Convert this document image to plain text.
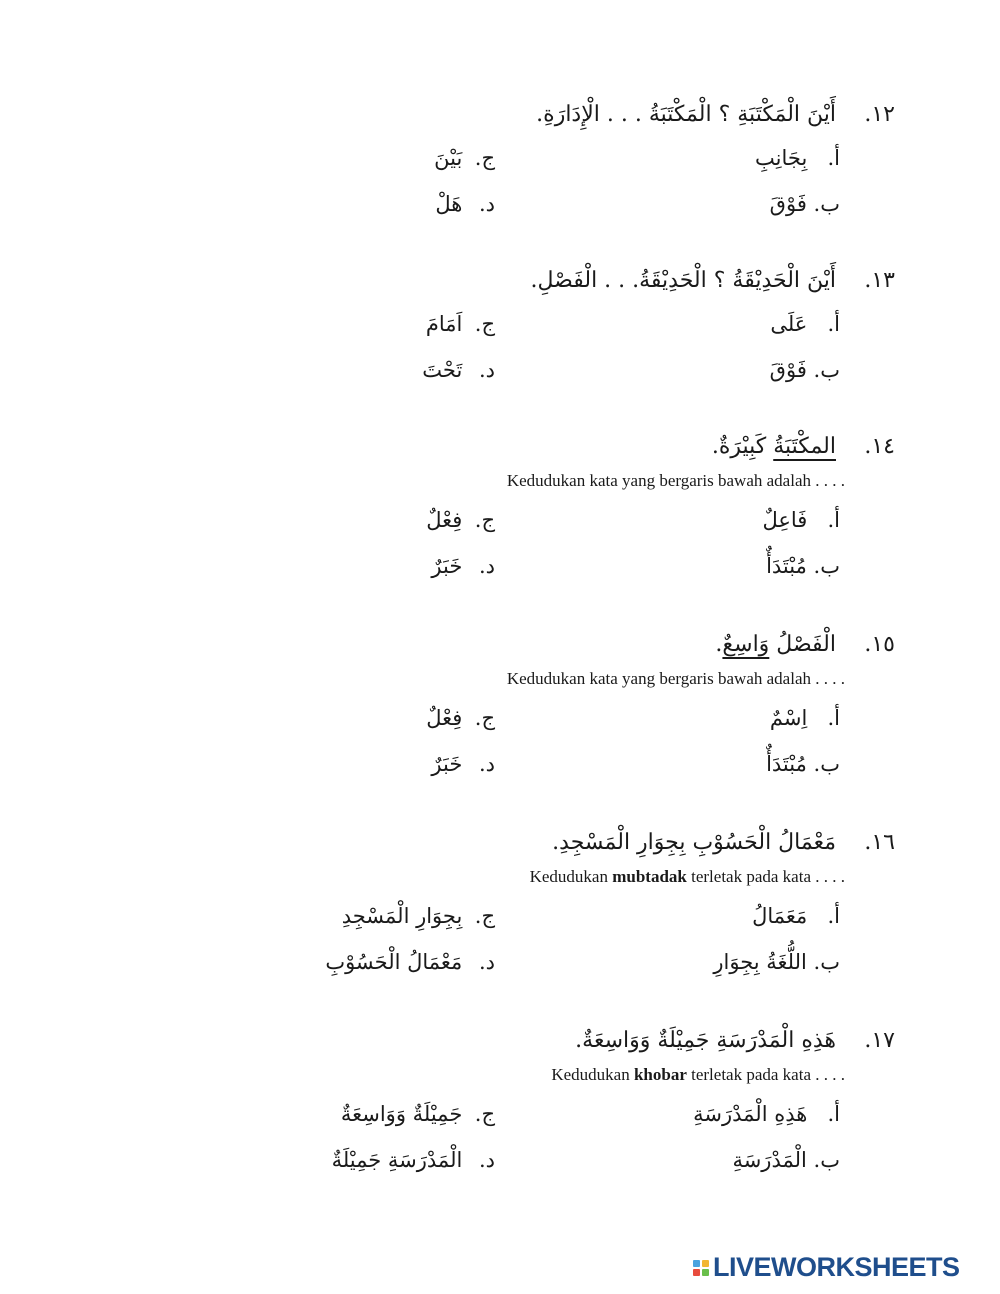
١٢. أَيْنَ الْمَكْتَبَةِ ؟ الْمَكْتَبَةُ . . . الْإِدَارَةِ.
أ. بِجَانِبِ
ب. فَوْقَ
ج. بَيْنَ
د. هَلْ
١٣. أَيْنَ الْحَدِيْقَةُ ؟ الْحَدِيْقَةُ. . . الْفَصْلِ.
أ. عَلَى
ب. فَوْقَ
ج. اَمَامَ
د. تَحْتَ
١٤. المكْتَبَةُ كَبِيْرَةٌ.
Kedudukan kata yang bergaris bawah adalah . . . .
أ. فَاعِلٌ
ب. مُبْتَدَأٌ
ج. فِعْلٌ
د. خَبَرٌ
١٥. الْفَصْلُ وَاسِعٌ.
Kedudukan kata yang bergaris bawah adalah . . . .
أ. اِسْمٌ
ب. مُبْتَدَأٌ
ج. فِعْلٌ
د. خَبَرٌ
١٦. مَعْمَالُ الْحَسُوْبِ بِجِوَارِ الْمَسْجِدِ.
Kedudukan mubtadak terletak pada kata . . . .
أ. مَعَمَالُ
ب. اللُّغَةُ بِجِوَارِ
ج. بِجِوَارِ الْمَسْجِدِ
د. مَعْمَالُ الْحَسُوْبِ
١٧. هَذِهِ الْمَدْرَسَةِ جَمِيْلَةٌ وَوَاسِعَةٌ.
Kedudukan khobar terletak pada kata . . . .
أ. هَذِهِ الْمَدْرَسَةِ
ب. الْمَدْرَسَةِ
ج. جَمِيْلَةٌ وَوَاسِعَةٌ
د. الْمَدْرَسَةِ جَمِيْلَةٌ
LIVEWORKSHEETS
